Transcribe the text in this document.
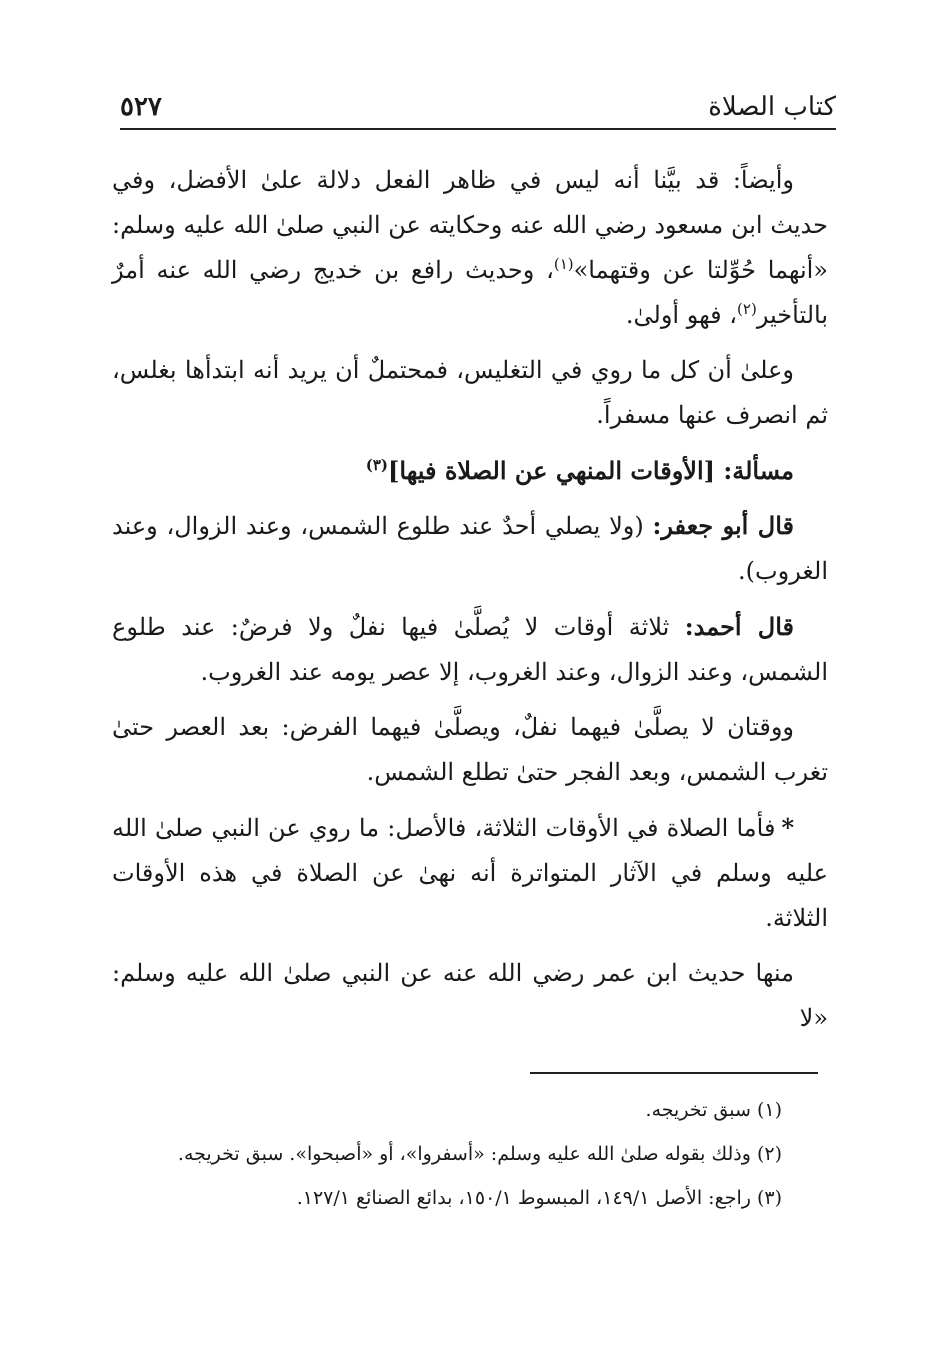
كتاب الصلاة
٥٢٧

وأيضاً: قد بيَّنا أنه ليس في ظاهر الفعل دلالة علىٰ الأفضل، وفي حديث ابن مسعود رضي الله عنه وحكايته عن النبي صلىٰ الله عليه وسلم: «أنهما حُوِّلتا عن وقتهما»$^{(١)}$، وحديث رافع بن خديج رضي الله عنه أمرٌ بالتأخير$^{(٢)}$، فهو أولىٰ.

وعلىٰ أن كل ما روي في التغليس، فمحتملٌ أن يريد أنه ابتدأها بغلس، ثم انصرف عنها مسفراً.

مسألة: [الأوقات المنهي عن الصلاة فيها]$^{(٣)}$

قال أبو جعفر: (ولا يصلي أحدٌ عند طلوع الشمس، وعند الزوال، وعند الغروب).

قال أحمد: ثلاثة أوقات لا يُصلَّىٰ فيها نفلٌ ولا فرضٌ: عند طلوع الشمس، وعند الزوال، وعند الغروب، إلا عصر يومه عند الغروب.

ووقتان لا يصلَّىٰ فيهما نفلٌ، ويصلَّىٰ فيهما الفرض: بعد العصر حتىٰ تغرب الشمس، وبعد الفجر حتىٰ تطلع الشمس.

*فأما الصلاة في الأوقات الثلاثة، فالأصل: ما روي عن النبي صلىٰ الله عليه وسلم في الآثار المتواترة أنه نهىٰ عن الصلاة في هذه الأوقات الثلاثة.

منها حديث ابن عمر رضي الله عنه عن النبي صلىٰ الله عليه وسلم: «لا

(١) سبق تخريجه.

(٢) وذلك بقوله صلىٰ الله عليه وسلم: «أسفروا»، أو «أصبحوا». سبق تخريجه.

(٣) راجع: الأصل ١٤٩/١، المبسوط ١٥٠/١، بدائع الصنائع ١٢٧/١.
